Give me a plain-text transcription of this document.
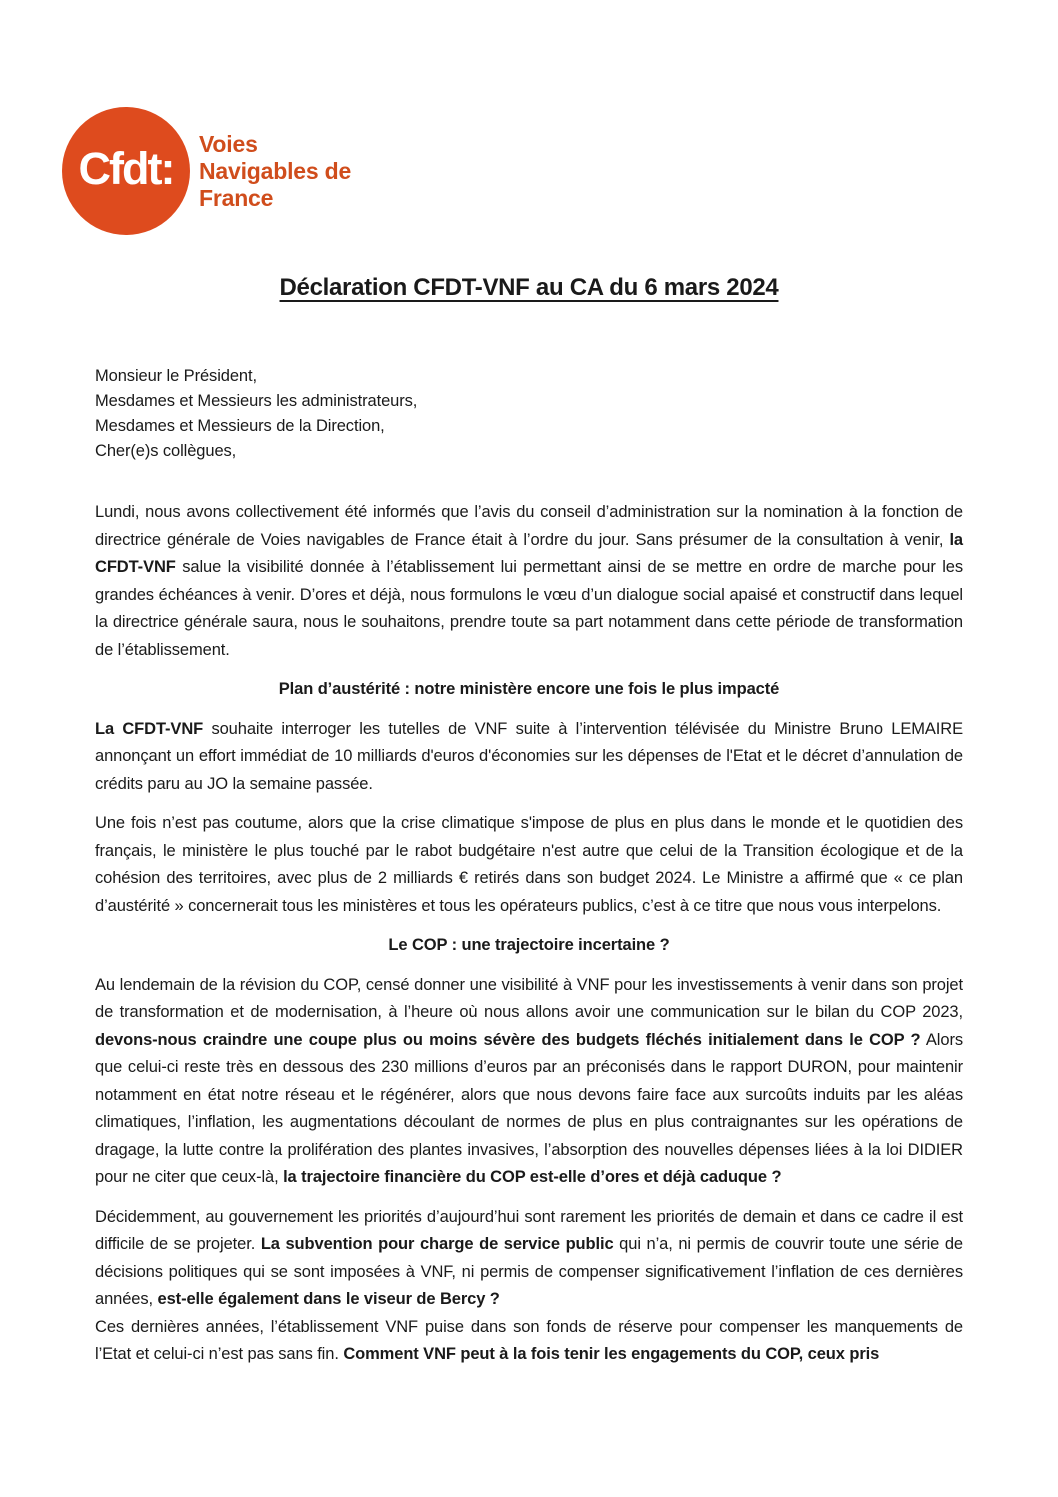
Cfdt: Voies
Navigables de
France
Déclaration CFDT-VNF au CA du 6 mars 2024

Monsieur le Président,

Mesdames et Messieurs les administrateurs,

Mesdames et Messieurs de la Direction,

Cher(e)s collègues,

Lundi, nous avons collectivement été informés que l’avis du conseil d’administration sur la nomination à la fonction de directrice générale de Voies navigables de France était à l’ordre du jour. Sans présumer de la consultation à venir, la CFDT-VNF salue la visibilité donnée à l’établissement lui permettant ainsi de se mettre en ordre de marche pour les grandes échéances à venir. D’ores et déjà, nous formulons le vœu d’un dialogue social apaisé et constructif dans lequel la directrice générale saura, nous le souhaitons, prendre toute sa part notamment dans cette période de transformation de l’établissement.

Plan d’austérité : notre ministère encore une fois le plus impacté

La CFDT-VNF souhaite interroger les tutelles de VNF suite à l’intervention télévisée du Ministre Bruno LEMAIRE annonçant un effort immédiat de 10 milliards d'euros d'économies sur les dépenses de l'Etat et le décret d’annulation de crédits paru au JO la semaine passée.

Une fois n’est pas coutume, alors que la crise climatique s'impose de plus en plus dans le monde et le quotidien des français, le ministère le plus touché par le rabot budgétaire n'est autre que celui de la Transition écologique et de la cohésion des territoires, avec plus de 2 milliards € retirés dans son budget 2024. Le Ministre a affirmé que « ce plan d’austérité » concernerait tous les ministères et tous les opérateurs publics, c’est à ce titre que nous vous interpelons.

Le COP : une trajectoire incertaine ?

Au lendemain de la révision du COP, censé donner une visibilité à VNF pour les investissements à venir dans son projet de transformation et de modernisation, à l’heure où nous allons avoir une communication sur le bilan du COP 2023, devons-nous craindre une coupe plus ou moins sévère des budgets fléchés initialement dans le COP ? Alors que celui-ci reste très en dessous des 230 millions d’euros par an préconisés dans le rapport DURON, pour maintenir notamment en état notre réseau et le régénérer, alors que nous devons faire face aux surcoûts induits par les aléas climatiques, l’inflation, les augmentations découlant de normes de plus en plus contraignantes sur les opérations de dragage, la lutte contre la prolifération des plantes invasives, l’absorption des nouvelles dépenses liées à la loi DIDIER pour ne citer que ceux-là, la trajectoire financière du COP est-elle d’ores et déjà caduque ?

Décidemment, au gouvernement les priorités d’aujourd’hui sont rarement les priorités de demain et dans ce cadre il est difficile de se projeter. La subvention pour charge de service public qui n’a, ni permis de couvrir toute une série de décisions politiques qui se sont imposées à VNF, ni permis de compenser significativement l’inflation de ces dernières années, est-elle également dans le viseur de Bercy ?

Ces dernières années, l’établissement VNF puise dans son fonds de réserve pour compenser les manquements de l’Etat et celui-ci n’est pas sans fin. Comment VNF peut à la fois tenir les engagements du COP, ceux pris
